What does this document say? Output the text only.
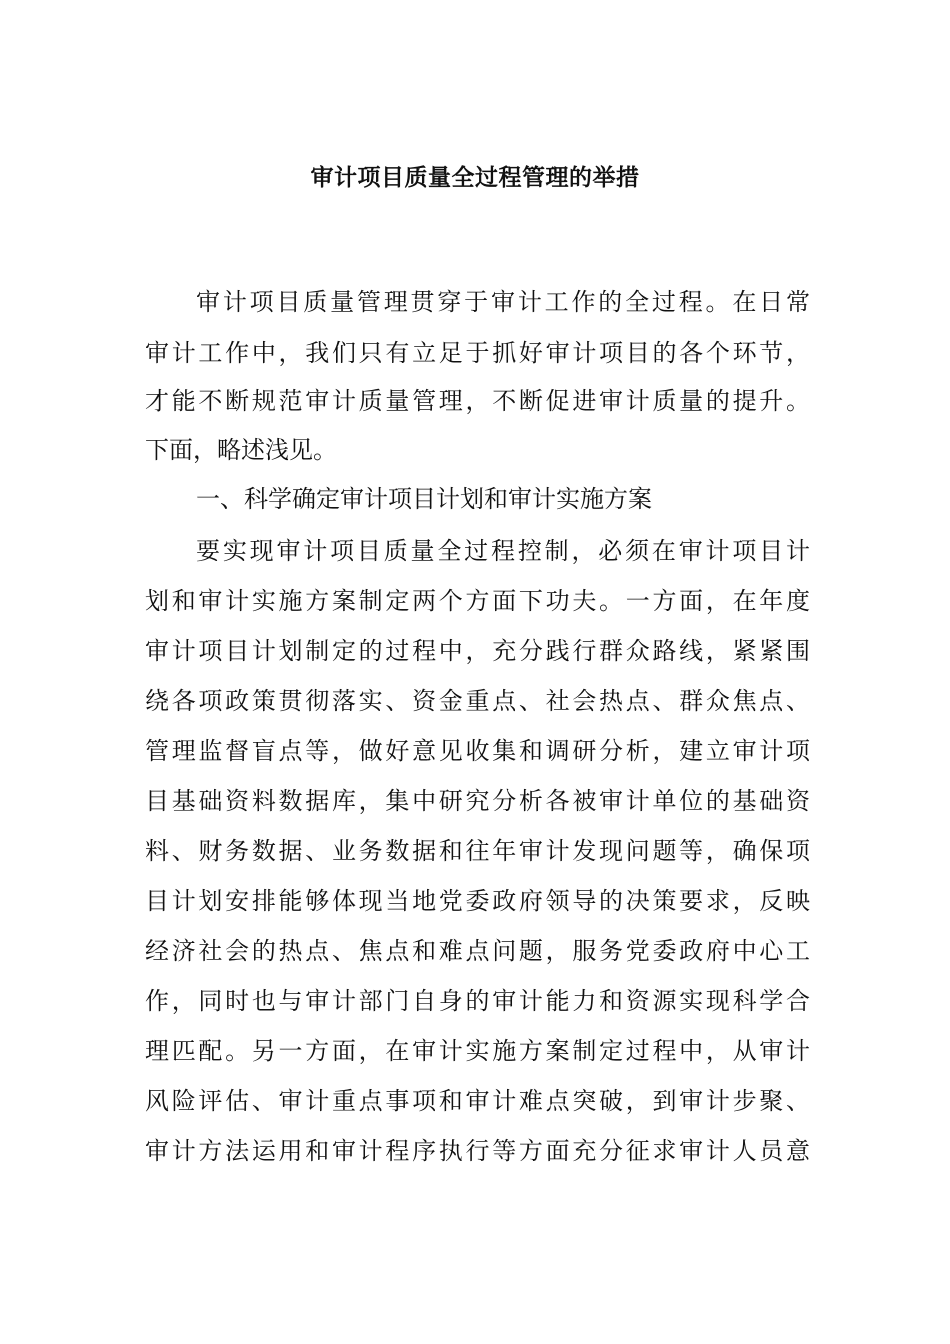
审计项目质量全过程管理的举措
审计项目质量管理贯穿于审计工作的全过程。在日常
审计工作中，我们只有立足于抓好审计项目的各个环节，
才能不断规范审计质量管理，不断促进审计质量的提升。
下面，略述浅见。
一、科学确定审计项目计划和审计实施方案
要实现审计项目质量全过程控制，必须在审计项目计
划和审计实施方案制定两个方面下功夫。一方面，在年度
审计项目计划制定的过程中，充分践行群众路线，紧紧围
绕各项政策贯彻落实、资金重点、社会热点、群众焦点、
管理监督盲点等，做好意见收集和调研分析，建立审计项
目基础资料数据库，集中研究分析各被审计单位的基础资
料、财务数据、业务数据和往年审计发现问题等，确保项
目计划安排能够体现当地党委政府领导的决策要求，反映
经济社会的热点、焦点和难点问题，服务党委政府中心工
作，同时也与审计部门自身的审计能力和资源实现科学合
理匹配。另一方面，在审计实施方案制定过程中，从审计
风险评估、审计重点事项和审计难点突破，到审计步聚、
审计方法运用和审计程序执行等方面充分征求审计人员意
